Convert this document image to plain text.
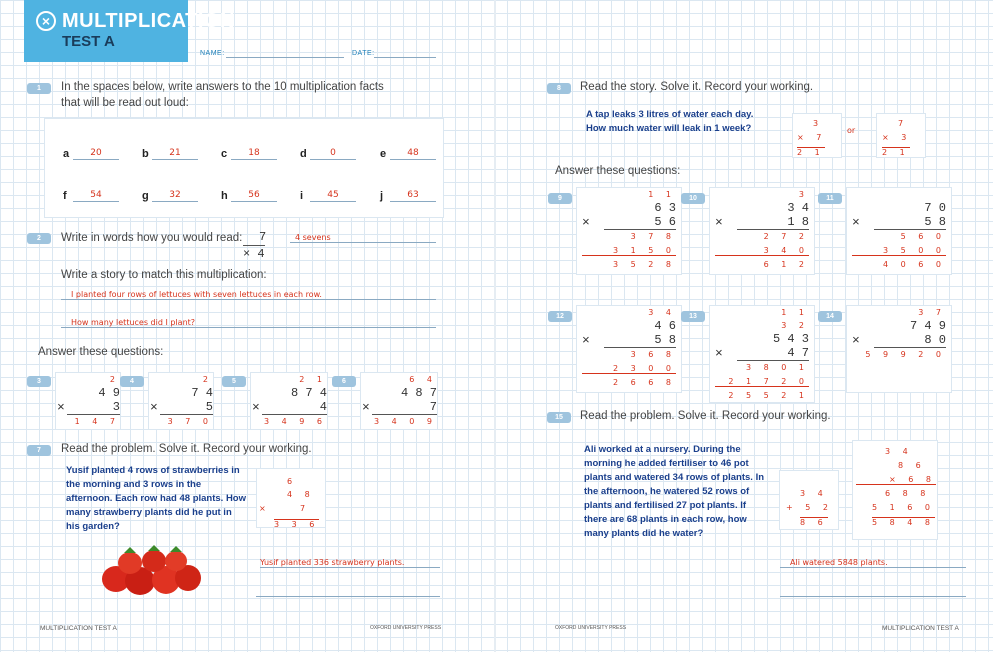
× MULTIPLICATION
TEST A
NAME:	DATE:
1	In the spaces below, write answers to the 10 multiplication facts that will be read out loud:
a	20	b	21	c	18	d	0	e	48
f	54	g	32	h	56	i	45	j	63
2	Write in words how you would read: 7
× 4
4 sevens
Write a story to match this multiplication:
I planted four rows of lettuces with seven lettuces in each row.
How many lettuces did I plant?
Answer these questions:
3	2
4 9
×	3
1 4 7
4	2
7 4
×	5
3 7 0
5	2 1
8 7 4
×	4
3 4 9 6
6	6 4
4 8 7
×	7
3 4 0 9
7	Read the problem. Solve it. Record your working.
Yusif planted 4 rows of strawberries in the morning and 3 rows in the afternoon. Each row had 48 plants. How many strawberry plants did he put in his garden?
6
4 8
×	7
3 3 6
Yusif planted 336 strawberry plants.
MULTIPLICATION TEST A	OXFORD UNIVERSITY PRESS
8	Read the story. Solve it. Record your working.
A tap leaks 3 litres of water each day. How much water will leak in 1 week?	3
× 7
2 1
or
7
× 3
2 1
Answer these questions:
9	1 1
6 3
×	5 6
3 7 8
3 1 5 0
3 5 2 8
10	3
3 4
×	1 8
2 7 2
3 4 0
6 1 2
11
7 0
×	5 8
5 6 0
3 5 0 0
4 0 6 0
12	3 4
4 6
×	5 8
3 6 8
2 3 0 0
2 6 6 8
13	1 1
3 2
5 4 3
×	4 7
3 8 0 1
2 1 7 2 0
2 5 5 2 1
14	3 7
7 4 9
×	8 0
5 9 9 2 0
15	Read the problem. Solve it. Record your working.
Ali worked at a nursery. During the morning he added fertiliser to 46 pot plants and watered 34 rows of plants. In the afternoon, he watered 52 rows of plants and fertilised 27 pot plants. If there are 68 plants in each row, how many plants did he water?
3 4
+ 5 2
8 6
3 4
8 6
× 6 8
6 8 8
5 1 6 0
5 8 4 8
Ali watered 5848 plants.
OXFORD UNIVERSITY PRESS	MULTIPLICATION TEST A
